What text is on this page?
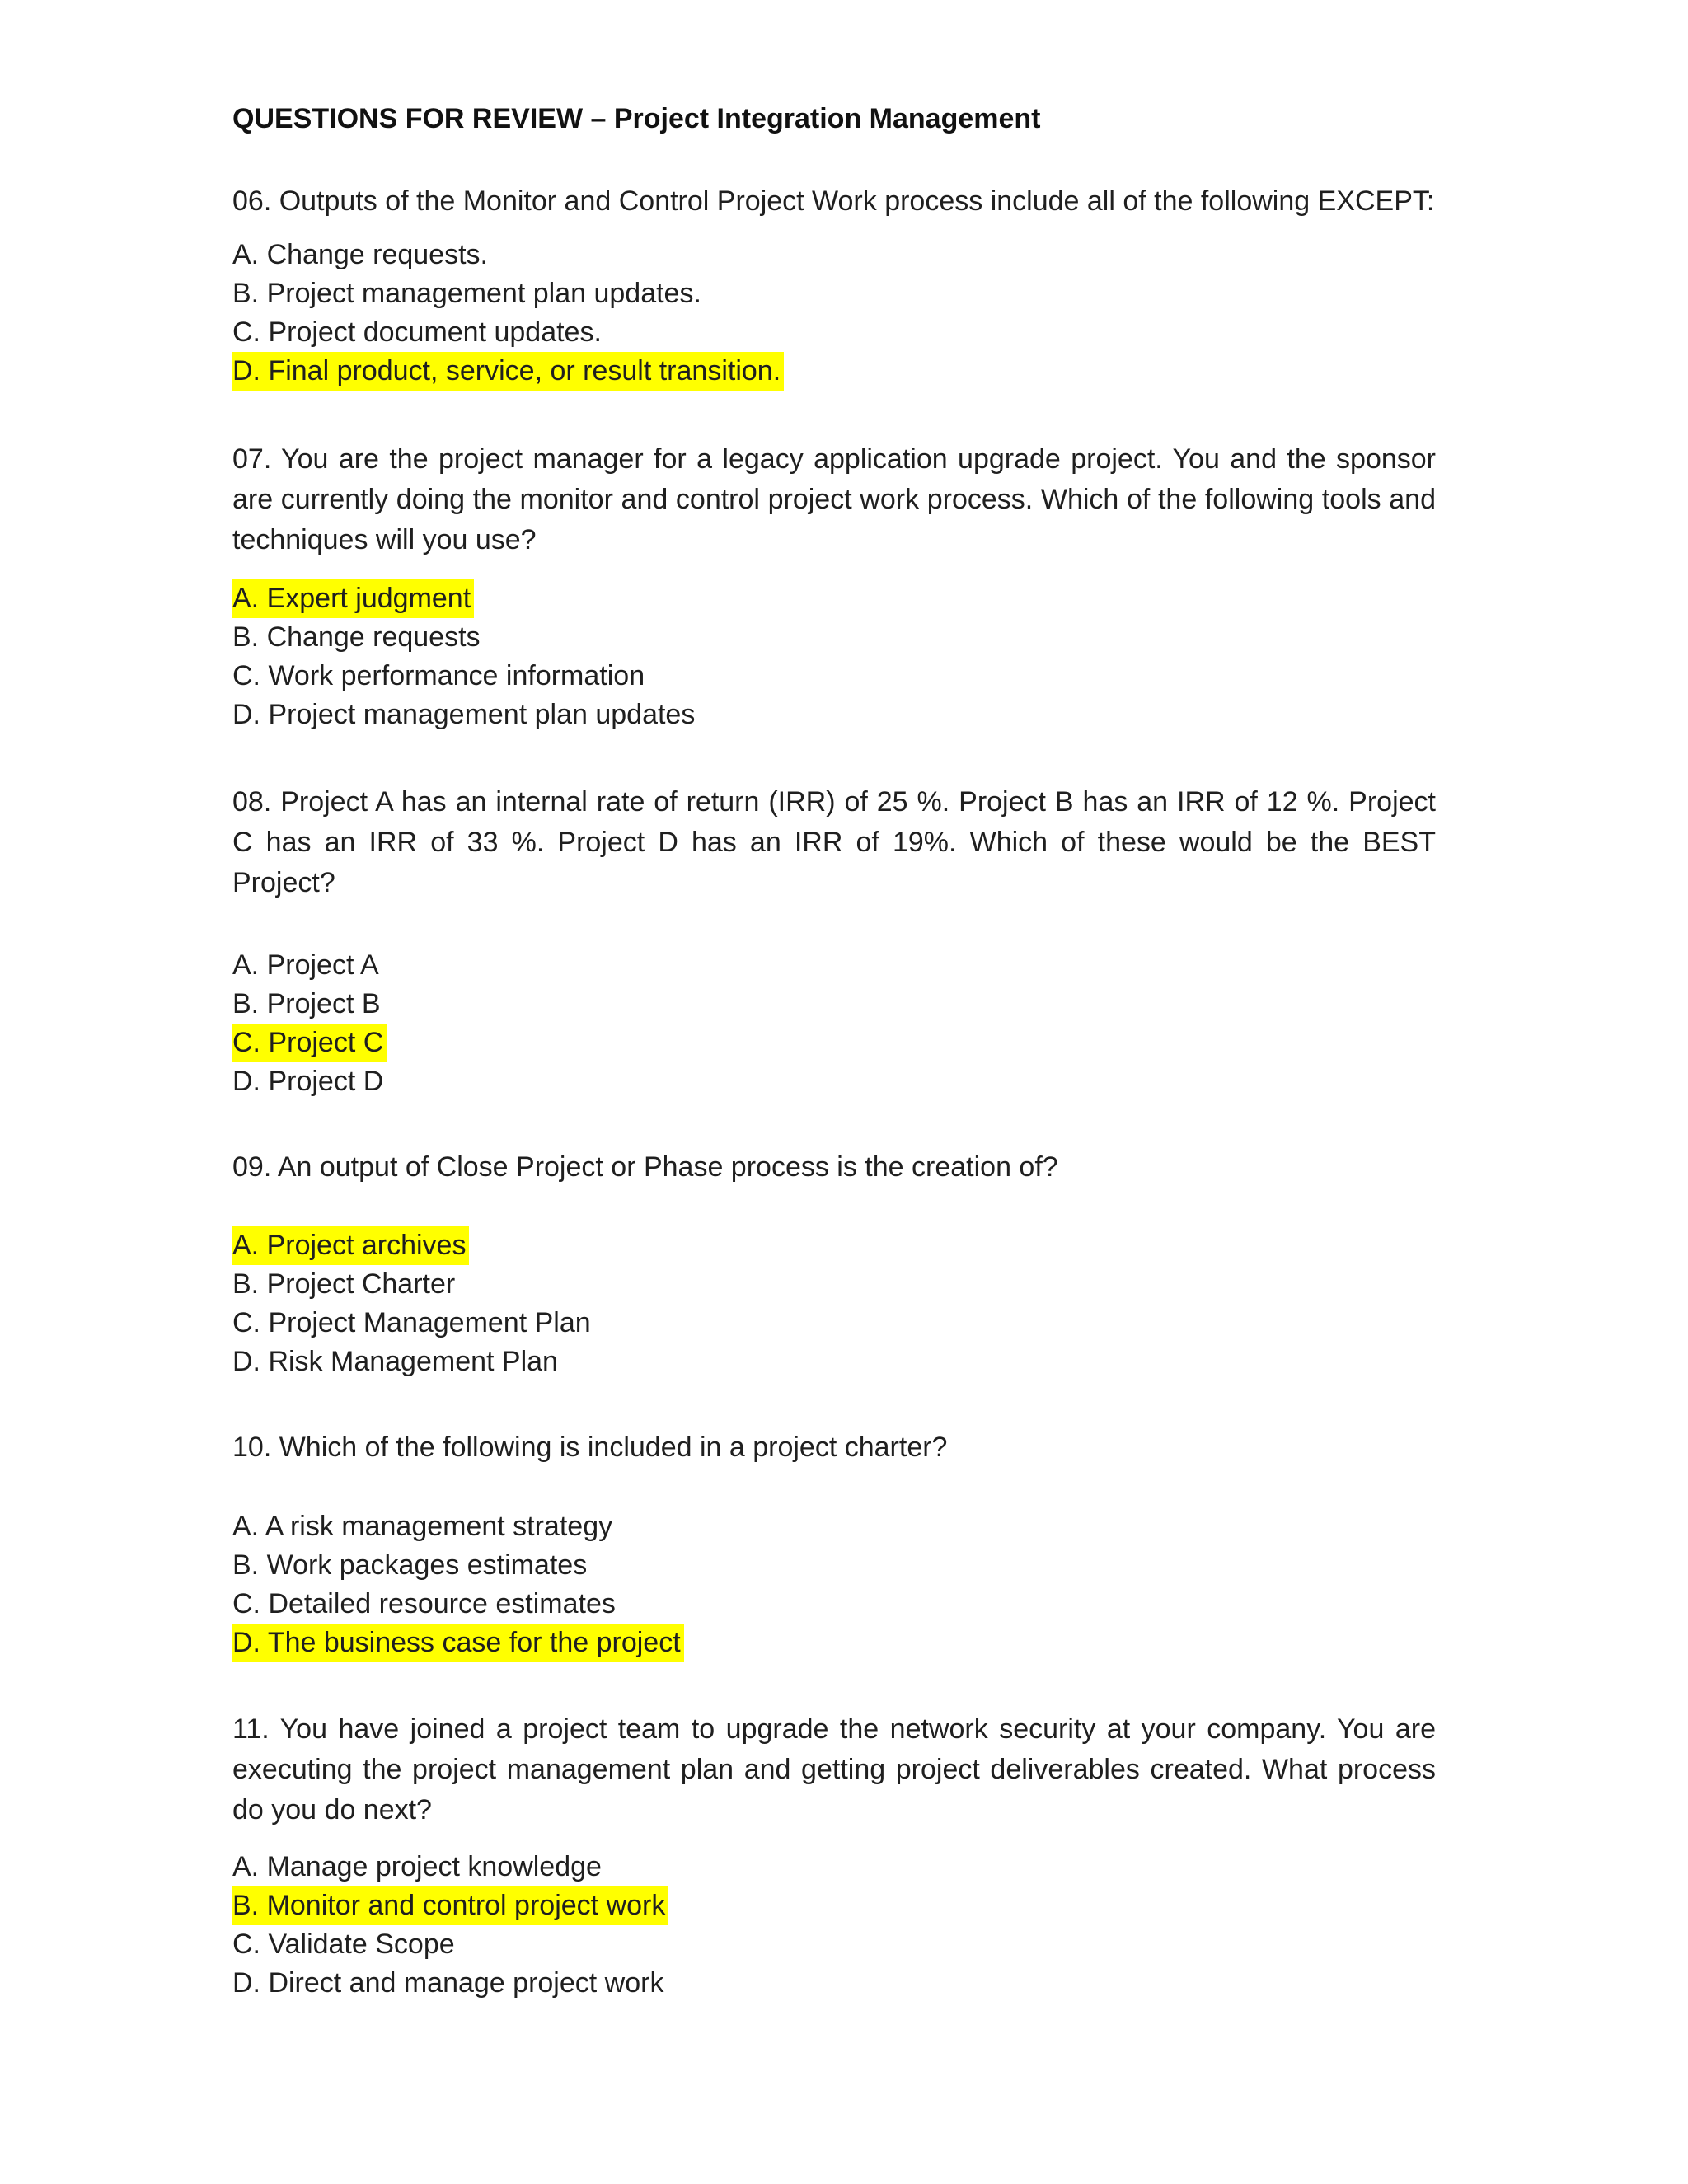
QUESTIONS FOR REVIEW – Project Integration Management

06. Outputs of the Monitor and Control Project Work process include all of the following EXCEPT:

A. Change requests.
B. Project management plan updates.
C. Project document updates.
D. Final product, service, or result transition.

07. You are the project manager for a legacy application upgrade project. You and the sponsor are currently doing the monitor and control project work process. Which of the following tools and techniques will you use?

A. Expert judgment
B. Change requests
C. Work performance information
D. Project management plan updates

08. Project A has an internal rate of return (IRR) of 25 %. Project B has an IRR of 12 %. Project C has an IRR of 33 %. Project D has an IRR of 19%. Which of these would be the BEST Project?

A. Project A
B. Project B
C. Project C
D. Project D

09. An output of Close Project or Phase process is the creation of?

A. Project archives
B. Project Charter
C. Project Management Plan
D. Risk Management Plan

10. Which of the following is included in a project charter?

A. A risk management strategy
B. Work packages estimates
C. Detailed resource estimates
D. The business case for the project

11. You have joined a project team to upgrade the network security at your company. You are executing the project management plan and getting project deliverables created. What process do you do next?

A. Manage project knowledge
B. Monitor and control project work
C. Validate Scope
D. Direct and manage project work
